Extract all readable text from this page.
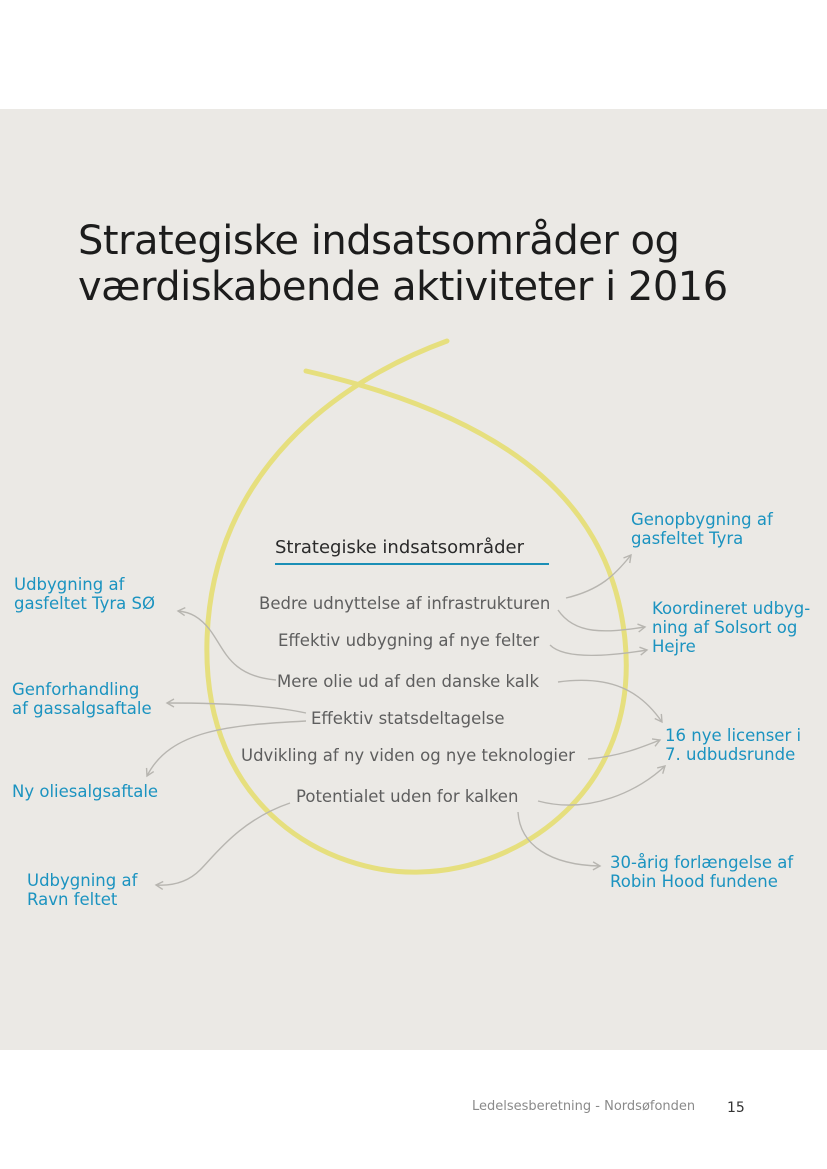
Strategiske indsatsområder og
værdiskabende aktiviteter i 2016
Strategiske indsatsområder
Bedre udnyttelse af infrastrukturen
Effektiv udbygning af nye felter
Mere olie ud af den danske kalk
Effektiv statsdeltagelse
Udvikling af ny viden og nye teknologier
Potentialet uden for kalken
Genopbygning af
gasfeltet Tyra
Koordineret udbyg-
ning af Solsort og
Hejre
16 nye licenser i
7. udbudsrunde
30-årig forlængelse af
Robin Hood fundene
Udbygning af
gasfeltet Tyra SØ
Genforhandling
af gassalgsaftale
Ny oliesalgsaftale
Udbygning af
Ravn feltet
Ledelsesberetning - Nordsøfonden 15
